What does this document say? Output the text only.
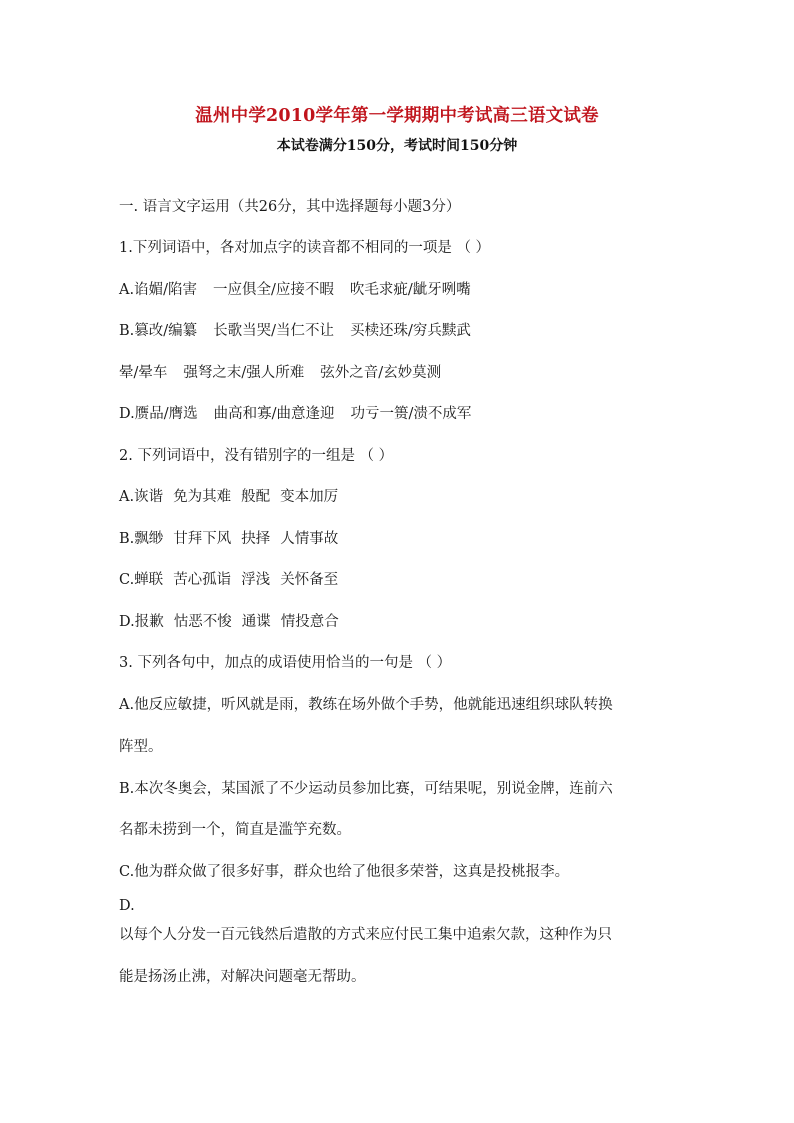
温州中学2010学年第一学期期中考试高三语文试卷
本试卷满分150分，考试时间150分钟
一. 语言文字运用（共26分，其中选择题每小题3分）
1.下列词语中，各对加点字的读音都不相同的一项是 （ ）
A.谄媚/陷害 一应俱全/应接不暇 吹毛求疵/龇牙咧嘴
B.篡改/编纂 长歌当哭/当仁不让 买椟还珠/穷兵黩武
晕/晕车 强弩之末/强人所难 弦外之音/玄妙莫测
D.赝品/膺选 曲高和寡/曲意逢迎 功亏一篑/溃不成军
2. 下列词语中，没有错别字的一组是 （ ）
A.诙谐 免为其难 般配 变本加厉
B.飘缈 甘拜下风 抉择 人情事故
C.蝉联 苦心孤诣 浮浅 关怀备至
D.报歉 怙恶不悛 通谍 情投意合
3. 下列各句中，加点的成语使用恰当的一句是 （ ）
A.他反应敏捷，听风就是雨，教练在场外做个手势，他就能迅速组织球队转换
阵型。
B.本次冬奥会，某国派了不少运动员参加比赛，可结果呢，别说金牌，连前六
名都未捞到一个，简直是滥竽充数。
C.他为群众做了很多好事，群众也给了他很多荣誉，这真是投桃报李。
D.
以每个人分发一百元钱然后遣散的方式来应付民工集中追索欠款，这种作为只
能是扬汤止沸，对解决问题毫无帮助。
